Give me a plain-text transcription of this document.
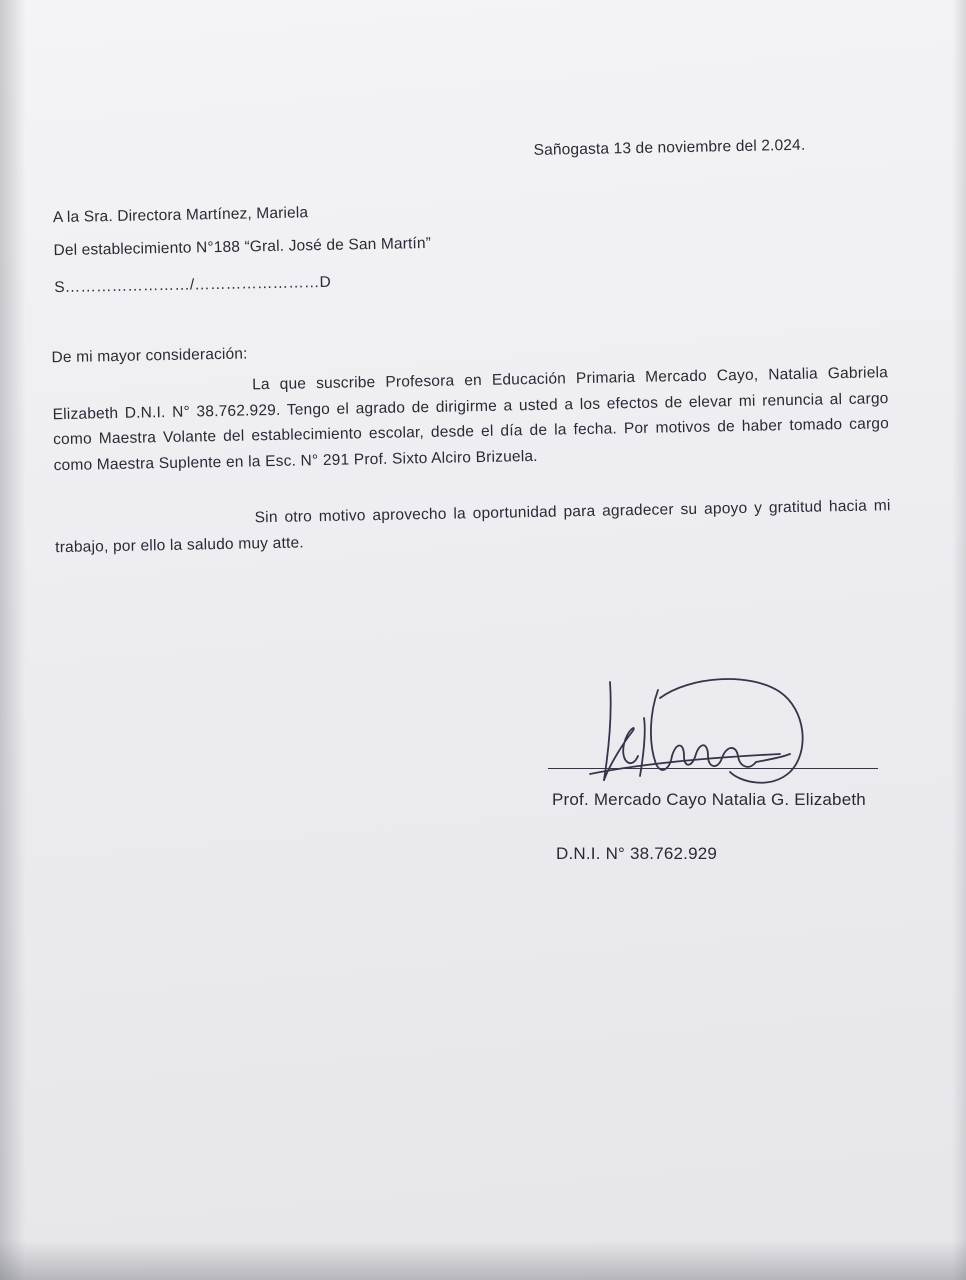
Sañogasta 13 de noviembre del 2.024.
A la Sra. Directora Martínez, Mariela
Del establecimiento N°188 “Gral. José de San Martín”
S……………………/……………………D
De mi mayor consideración:
La que suscribe Profesora en Educación Primaria Mercado Cayo, Natalia Gabriela Elizabeth D.N.I. N° 38.762.929. Tengo el agrado de dirigirme a usted a los efectos de elevar mi renuncia al cargo como Maestra Volante del establecimiento escolar, desde el día de la fecha. Por motivos de haber tomado cargo como Maestra Suplente en la Esc. N° 291 Prof. Sixto Alciro Brizuela.
Sin otro motivo aprovecho la oportunidad para agradecer su apoyo y gratitud hacia mi trabajo, por ello la saludo muy atte.
Prof. Mercado Cayo Natalia G. Elizabeth
D.N.I. N° 38.762.929
